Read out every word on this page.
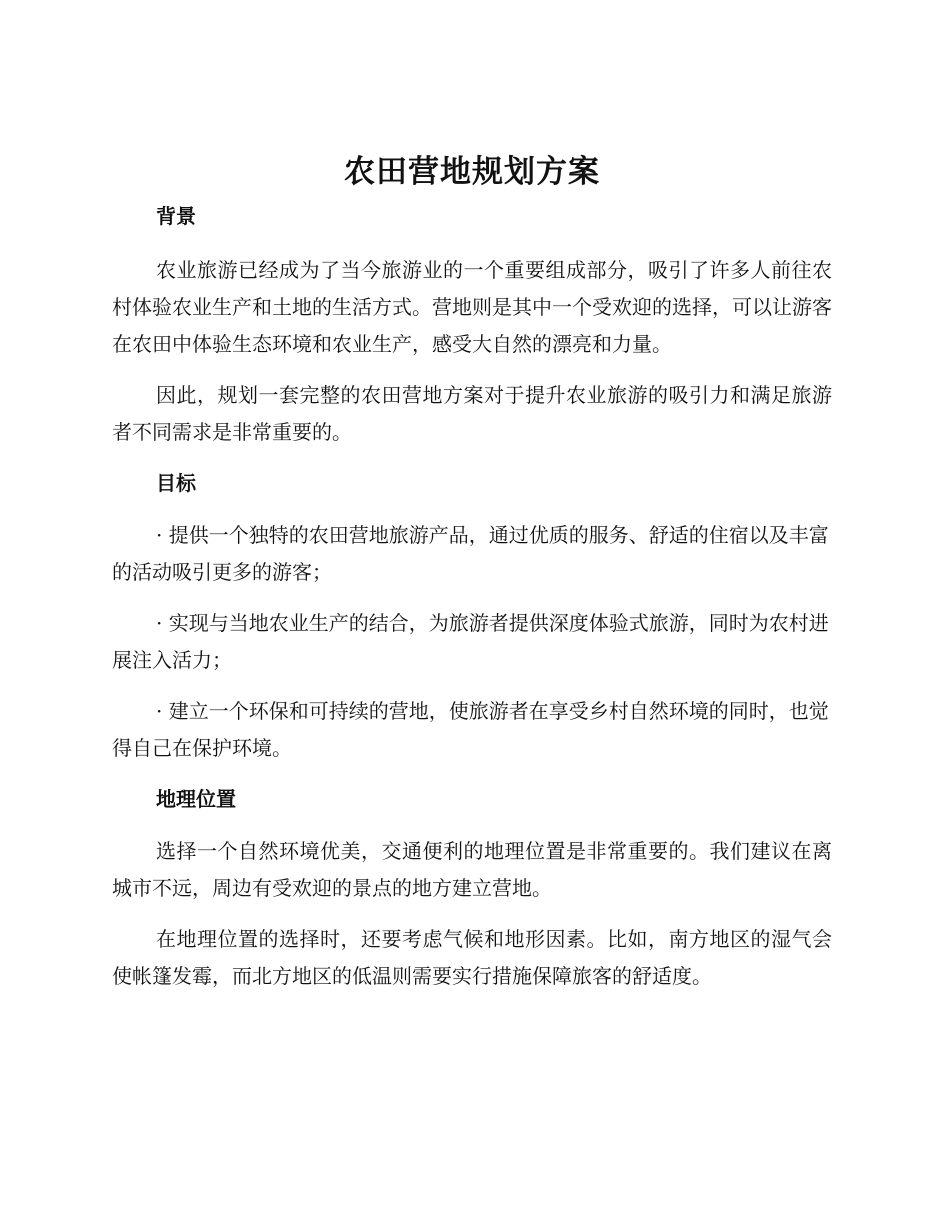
农田营地规划方案
背景

农业旅游已经成为了当今旅游业的一个重要组成部分，吸引了许多人前往农村体验农业生产和土地的生活方式。营地则是其中一个受欢迎的选择，可以让游客在农田中体验生态环境和农业生产，感受大自然的漂亮和力量。

因此，规划一套完整的农田营地方案对于提升农业旅游的吸引力和满足旅游者不同需求是非常重要的。

目标

· 提供一个独特的农田营地旅游产品，通过优质的服务、舒适的住宿以及丰富的活动吸引更多的游客；

· 实现与当地农业生产的结合，为旅游者提供深度体验式旅游，同时为农村进展注入活力；

· 建立一个环保和可持续的营地，使旅游者在享受乡村自然环境的同时，也觉得自己在保护环境。

地理位置

选择一个自然环境优美，交通便利的地理位置是非常重要的。我们建议在离城市不远，周边有受欢迎的景点的地方建立营地。

在地理位置的选择时，还要考虑气候和地形因素。比如，南方地区的湿气会使帐篷发霉，而北方地区的低温则需要实行措施保障旅客的舒适度。
